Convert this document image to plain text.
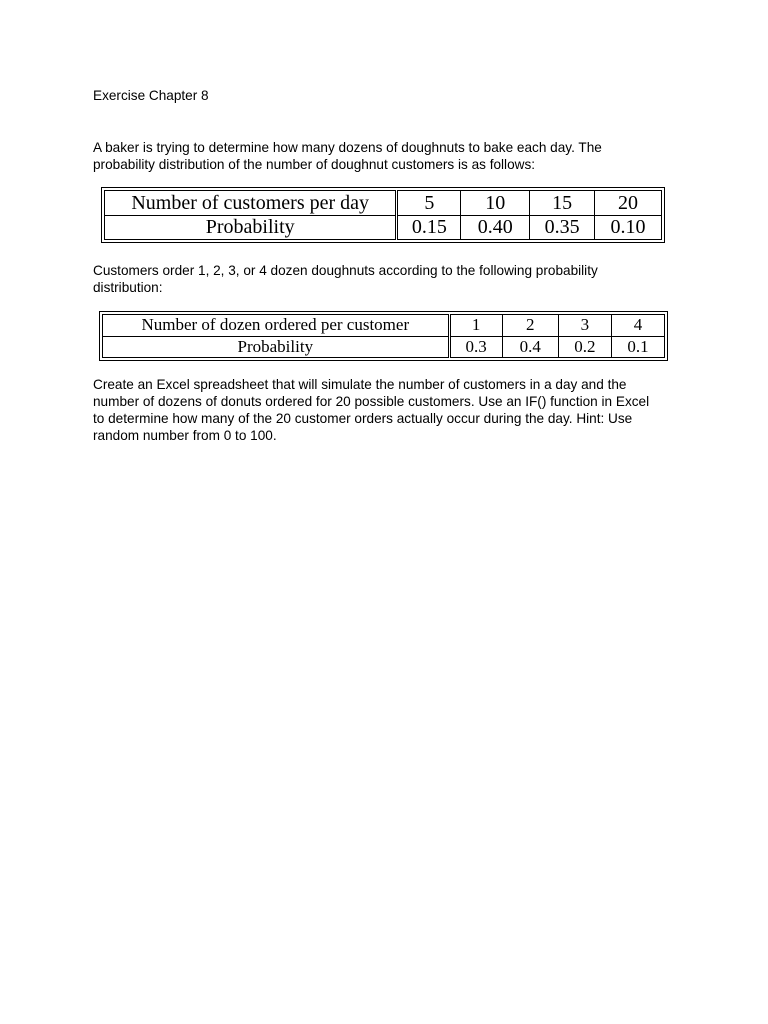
Exercise Chapter 8
A baker is trying to determine how many dozens of doughnuts to bake each day. The
probability distribution of the number of doughnut customers is as follows:
Number of customers per day	5	10	15	20
Probability	0.15	0.40	0.35	0.10
Customers order 1, 2, 3, or 4 dozen doughnuts according to the following probability
distribution:
Number of dozen ordered per customer	1	2	3	4
Probability	0.3	0.4	0.2	0.1
Create an Excel spreadsheet that will simulate the number of customers in a day and the
number of dozens of donuts ordered for 20 possible customers. Use an IF() function in Excel
to determine how many of the 20 customer orders actually occur during the day. Hint: Use
random number from 0 to 100.
